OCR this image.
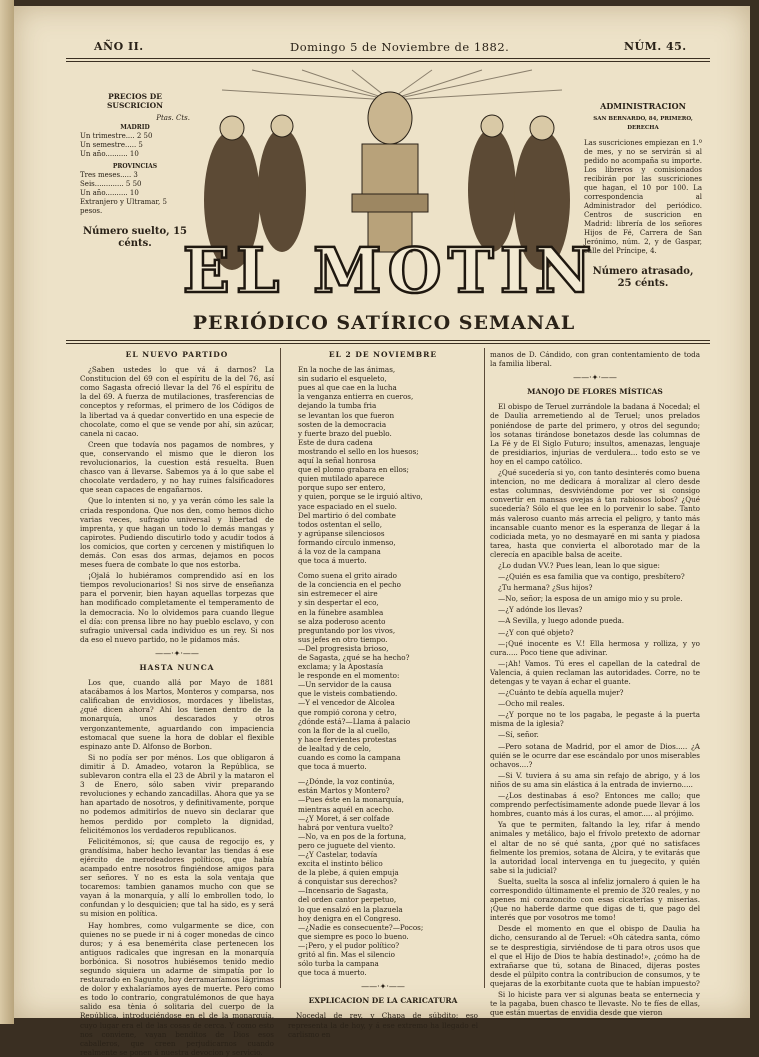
AÑO II.	Domingo 5 de Noviembre de 1882.	NÚM. 45.
PRECIOS DE SUSCRICION
Ptas. Cts.
MADRID
Un trimestre.... 2 50
Un semestre..... 5
Un año.......... 10
PROVINCIAS
Tres meses..... 3
Seis............. 5 50
Un año.......... 10
Extranjero y Ultramar, 5 pesos.
Número suelto, 15 cénts.
ADMINISTRACION
SAN BERNARDO, 84, PRIMERO, DERECHA
Las suscriciones empiezan en 1.º de mes, y no se servirán si al pedido no acompaña su importe. Los libreros y comisionados recibirán por las suscriciones que hagan, el 10 por 100. La correspondencia al Administrador del periódico. Centros de suscricion en Madrid: librería de los señores Hijos de Fé, Carrera de San Jerónimo, núm. 2, y de Gaspar, calle del Príncipe, 4.
Número atrasado, 25 cénts.
EL MOTIN
PERIÓDICO SATÍRICO SEMANAL
EL NUEVO PARTIDO

¿Saben ustedes lo que vá á darnos? La Constitucion del 69 con el espíritu de la del 76, así como Sagasta ofreció llevar la del 76 el espíritu de la del 69. A fuerza de mutilaciones, trasferencias de conceptos y reformas, el primero de los Códigos de la libertad va á quedar convertido en una especie de chocolate, como el que se vende por ahí, sin azúcar, canela ni cacao.

Creen que todavía nos pagamos de nombres, y que, conservando el mismo que le dieron los revolucionarios, la cuestion está resuelta. Buen chasco van á llevarse. Sabemos ya á lo que sabe el chocolate verdadero, y no hay ruines falsificadores que sean capaces de engañarnos.

Que lo intenten si no, y ya verán cómo les sale la criada respondona. Que nos den, como hemos dicho varias veces, sufragio universal y libertad de imprenta, y que hagan un todo lo demás mangas y capirotes. Pudiendo discutirlo todo y acudir todos á los comicios, que corten y cercenen y mistifiquen lo demás. Con esas dos armas, dejamos en pocos meses fuera de combate lo que nos estorba.

¡Ojalá lo hubiéramos comprendido así en los tiempos revolucionarios! Si nos sirve de enseñanza para el porvenir, bien hayan aquellas torpezas que han modificado completamente el temperamento de la democracia. No lo olvidemos para cuando llegue el día: con prensa libre no hay pueblo esclavo, y con sufragio universal cada individuo es un rey. Si nos da eso el nuevo partido, no le pidamos más.

——·✦·——
HASTA NUNCA

Los que, cuando allá por Mayo de 1881 atacábamos á los Martos, Monteros y comparsa, nos calificaban de envidiosos, mordaces y libelistas, ¿qué dicen ahora? Ahí los tienen dentro de la monarquía, unos descarados y otros vergonzantemente, aguardando con impaciencia estomacal que suene la hora de doblar el flexible espinazo ante D. Alfonso de Borbon.

Si no podía ser por ménos. Los que obligaron á dimitir á D. Amadeo, votaron la República, se sublevaron contra ella el 23 de Abril y la mataron el 3 de Enero, sólo saben vivir preparando revoluciones y echando zancadillas. Ahora que ya se han apartado de nosotros, y definitivamente, porque no podemos admitirlos de nuevo sin declarar que hemos perdido por completo la dignidad, felicitémonos los verdaderos republicanos.

Felicitémonos, sí; que causa de regocijo es, y grandísima, haber hecho levantar las tiendas á ese ejército de merodeadores políticos, que había acampado entre nosotros fingiéndose amigos para ser señores. Y no es esta la sola ventaja que tocaremos: tambien ganamos mucho con que se vayan á la monarquía, y allí lo embrollen todo, lo confundan y lo desquicien; que tal ha sido, es y será su mision en política.

Hay hombres, como vulgarmente se dice, con quienes no se puede ir ni á coger monedas de cinco duros; y á esa benemérita clase pertenecen los antiguos radicales que ingresan en la monarquía borbónica. Si nosotros hubiésemos tenido medio segundo siquiera un adarme de simpatía por lo restaurado en Sagunto, hoy derramaríamos lágrimas de dolor y exhalaríamos ayes de muerte. Pero como es todo lo contrario, congratulémonos de que haya salido esa tènia ó solitaria del cuerpo de la República, introduciéndose en el de la monarquía, cuyo lugar era el de las cosas de cerca. Y como esto nos conviene, vayan benditos de Dios esos caballeros, que creen perjudicarnos cuando realmente se ponen á nuestra devocion y servicio.

EL 2 DE NOVIEMBRE

En la noche de las ánimas,

sin sudario el esqueleto,

pues al que cae en la lucha

la venganza entierra en cueros,

dejando la tumba fria

se levantan los que fueron

sosten de la democracia

y fuerte brazo del pueblo.

Este de dura cadena

mostrando el sello en los huesos;

aquí la señal honrosa

que el plomo grabara en ellos;

quien mutilado aparece

porque supo ser entero,

y quien, porque se le irguió altivo,

yace espaciado en el suelo.

Del martirio ó del combate

todos ostentan el sello,

y agrúpanse silenciosos

formando círculo inmenso,

á la voz de la campana

que toca á muerto.

Como suena el grito airado

de la conciencia en el pecho

sin estremecer el aire

y sin despertar el eco,

en la fúnebre asamblea

se alza poderoso acento

preguntando por los vivos,

sus jefes en otro tiempo.

—Del progresista brioso,

de Sagasta, ¿qué se ha hecho?

exclama; y la Apostasía

le responde en el momento:

—Un servidor de la causa

que le visteis combatiendo.

—Y el vencedor de Alcolea

que rompió corona y cetro,

¿dónde está?—Llama á palacio

con la flor de la al cuello,

y hace fervientes protestas

de lealtad y de celo,

cuando es como la campana

que toca á muerto.

—¿Dónde, la voz continúa,

están Martos y Montero?

—Pues éste en la monarquía,

mientras aquél en acecho.

—¿Y Moret, á ser colfade

habrá por ventura vuelto?

—No, va en pos de la fortuna,

pero ce juguete del viento.

—¿Y Castelar, todavía

excita el instinto bélico

de la plebe, á quien empuja

á conquistar sus derechos?

—Incensario de Sagasta,

del orden cantor perpetuo,

lo que ensalzó en la plazuela

hoy denigra en el Congreso.

—¿Nadie es consecuente?—Pocos;

que siempre es poco lo bueno.

—¡Pero, y el pudor político?

gritó al fin. Mas el silencio

sólo turba la campana

que toca á muerto.

——·✦·——
EXPLICACION DE LA CARICATURA

Nocedal de rey, y Chapa de súbdito; eso representa la de hoy, y á ese extremo ha llegado el carlismo en

manos de D. Cándido, con gran contentamiento de toda la familia liberal.

——·✦·——
MANOJO DE FLORES MÍSTICAS

El obispo de Teruel zurrándole la badana á Nocedal; el de Daulia arremetiendo al de Teruel; unos prelados poniéndose de parte del primero, y otros del segundo; los sotanas tirándose bonetazos desde las columnas de La Fé y de El Siglo Futuro; insultos, amenazas, lenguaje de presidiarios, injurias de verdulera... todo esto se ve hoy en el campo católico.

¿Qué sucedería si yo, con tanto desinterés como buena intencion, no me dedicara á moralizar al clero desde estas columnas, desviviéndome por ver si consigo convertir en mansas ovejas á tan rabiosos lobos? ¿Qué sucedería? Sólo el que lee en lo porvenir lo sabe. Tanto más valeroso cuanto más arrecia el peligro, y tanto más incansable cuanto menor es la esperanza de llegar á la codiciada meta, yo no desmayaré en mi santa y piadosa tarea, hasta que convierta el alborotado mar de la clerecía en apacible balsa de aceite.

¿Lo dudan VV.? Pues lean, lean lo que sigue:

—¿Quién es esa familia que va contigo, presbítero?

¿Tu hermana? ¿Sus hijos?

—No, señor; la esposa de un amigo mio y su prole.

—¿Y adónde los llevas?

—A Sevilla, y luego adonde pueda.

—¿Y con qué objeto?

—¡Qué inocente es V.! Ella hermosa y rolliza, y yo cura..... Poco tiene que adivinar.

—¡Ah! Vamos. Tú eres el capellan de la catedral de Valencia, á quien reclaman las autoridades. Corre, no te detengas y te vayan á echar el guante.

—¿Cuánto te debía aquella mujer?

—Ocho mil reales.

—¿Y porque no te los pagaba, le pegaste á la puerta misma de la iglesia?

—Sí, señor.

—Pero sotana de Madrid, por el amor de Dios..... ¿A quién se le ocurre dar ese escándalo por unos miserables ochavos....?

—Si V. tuviera á su ama sin refajo de abrigo, y á los niños de su ama sin elástica á la entrada de invierno.....

—¿Los destinabas á eso? Entonces me callo; que comprendo perfectísimamente adonde puede llevar á los hombres, cuanto más á los curas, el amor..... al prójimo.

Ya que te permiten, faltando la ley, rifar á mendo animales y metálico, bajo el frívolo pretexto de adornar el altar de no sé qué santa, ¿por qué no satisfaces fielmente los premios, sotana de Alcira, y te evitarás que la autoridad local intervenga en tu juegecito, y quién sabe si la judicial?

Suelta, suelta la sosca al infeliz jornalero á quien le ha correspondido últimamente el premio de 320 reales, y no apenes mi corazoncito con esas cicaterías y miserias. ¡Que no haberde darme que digas de ti, que pago del interés que por vosotros me tomo!

Desde el momento en que el obispo de Daulia ha dicho, censurando al de Teruel: «Oh cátedra santa, cómo se te desprestigia, sirviéndose de ti para otros usos que el que el Hijo de Dios te había destinado!», ¿cómo ha de extrañarse que tú, sotana de Binaced, dijeras postes desde el púlpito contra la contribucion de consumos, y te quejaras de la exorbitante cuota que te habían impuesto?

Si lo hiciste para ver si algunas beata se enterneciа y te la pagaba, buen chasco te llevaste. No te fíes de ellas, que están muertas de envidia desde que vieron
